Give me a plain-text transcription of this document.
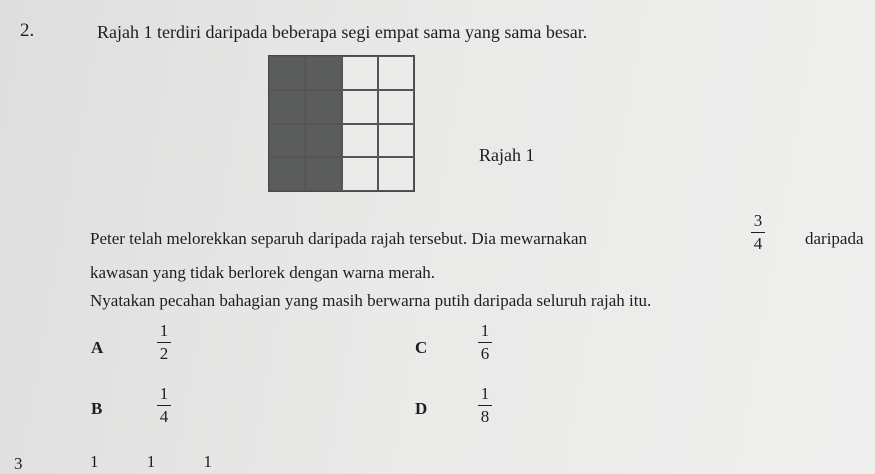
2.	Rajah 1 terdiri daripada beberapa segi empat sama yang sama besar.
Rajah 1
Peter telah melorekkan separuh daripada rajah tersebut. Dia mewarnakan
3
4	daripada
kawasan yang tidak berlorek dengan warna merah.
Nyatakan pecahan bahagian yang masih berwarna putih daripada seluruh rajah itu.
A
1
2
B
1
4
C
1
6
D
1
8
3	1 1 1
